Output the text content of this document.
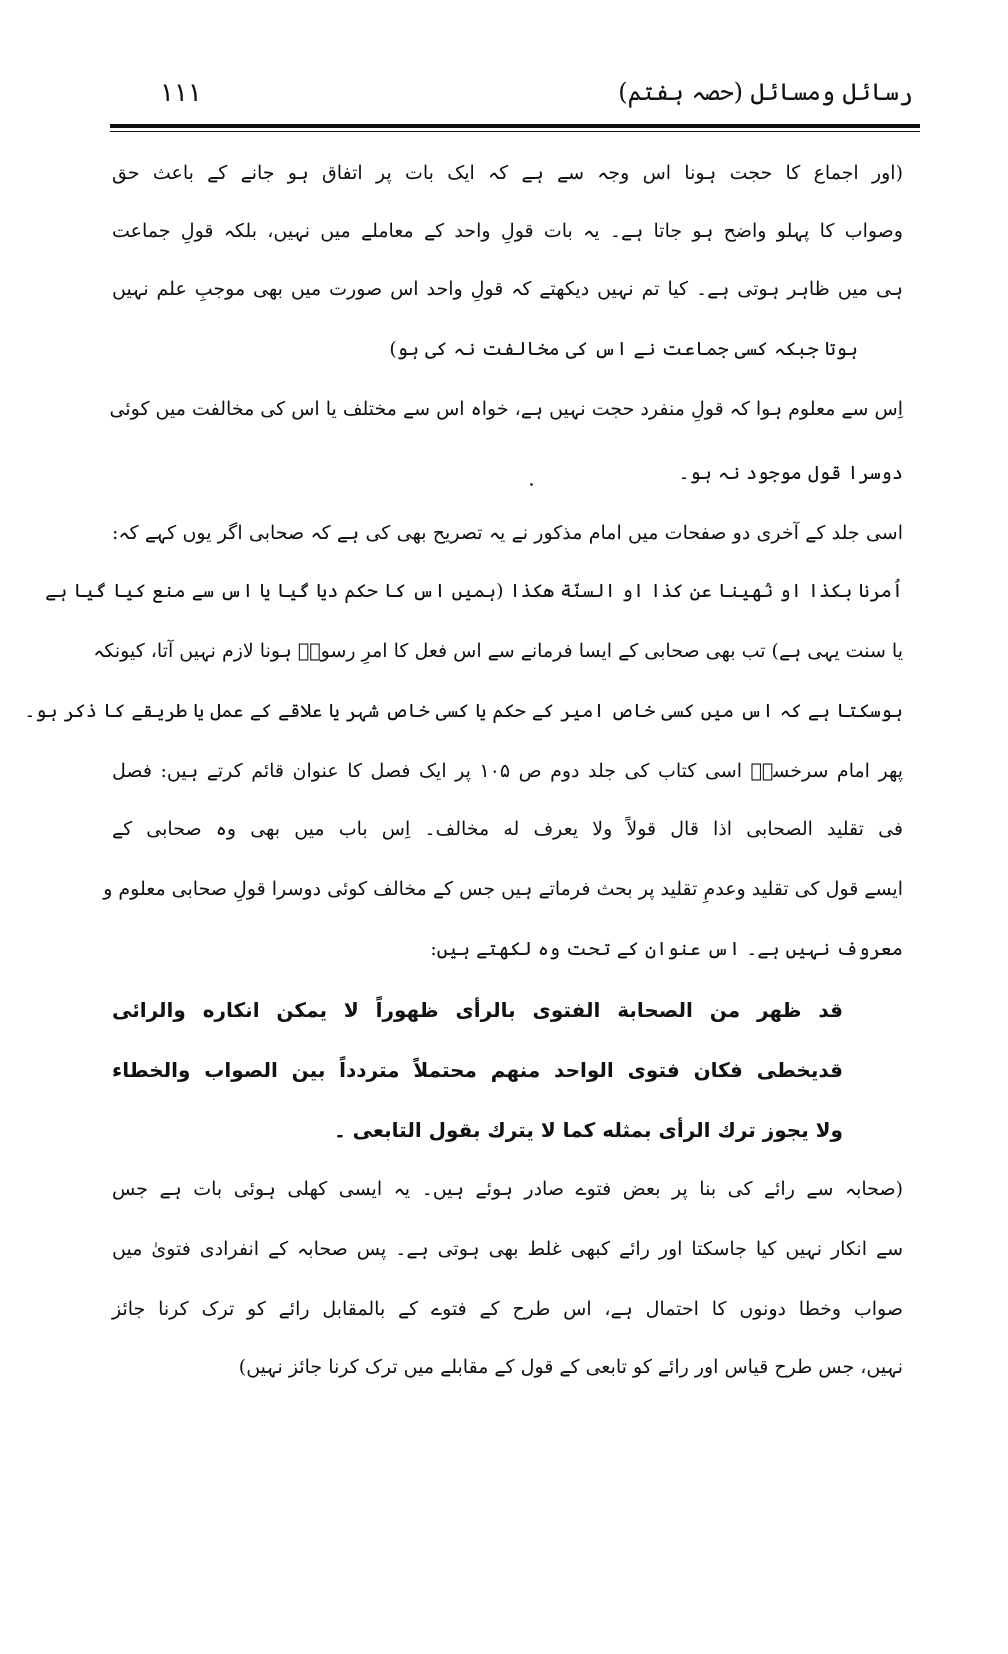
رسائل ومسائل (حصہ ہفتم)
۱۱۱
(اور اجماع کا حجت ہونا اس وجہ سے ہے کہ ایک بات پر اتفاق ہو جانے کے باعث حق
وصواب کا پہلو واضح ہو جاتا ہے۔ یہ بات قولِ واحد کے معاملے میں نہیں، بلکہ قولِ جماعت
ہی میں ظاہر ہوتی ہے۔ کیا تم نہیں دیکھتے کہ قولِ واحد اس صورت میں بھی موجبِ علم نہیں
ہوتا جبکہ کسی جماعت نے اس کی مخالفت نہ کی ہو)
اِس سے معلوم ہوا کہ قولِ منفرد حجت نہیں ہے، خواہ اس سے مختلف یا اس کی مخالفت میں کوئی
دوسرا قول موجود نہ ہو۔
اسی جلد کے آخری دو صفحات میں امام مذکور نے یہ تصریح بھی کی ہے کہ صحابی اگر یوں کہے کہ:
اُمرنا بکذا او نُھینا عن کذا او السنّة ھکذا (ہمیں اس کا حکم دیا گیا یا اس سے منع کیا گیا ہے
یا سنت یہی ہے) تب بھی صحابی کے ایسا فرمانے سے اس فعل کا امرِ رسولؐ ہونا لازم نہیں آتا، کیونکہ
ہوسکتا ہے کہ اس میں کسی خاص امیر کے حکم یا کسی خاص شہر یا علاقے کے عمل یا طریقے کا ذکر ہو۔
پھر امام سرخسیؒ اسی کتاب کی جلد دوم ص ۱۰۵ پر ایک فصل کا عنوان قائم کرتے ہیں: فصل
فی تقلید الصحابی اذا قال قولاً ولا یعرف له مخالف۔ اِس باب میں بھی وہ صحابی کے
ایسے قول کی تقلید وعدمِ تقلید پر بحث فرماتے ہیں جس کے مخالف کوئی دوسرا قولِ صحابی معلوم و
معروف نہیں ہے۔ اس عنوان کے تحت وہ لکھتے ہیں:
قد ظهر من الصحابة الفتوى بالرأى ظهوراً لا يمكن انكاره والرائى
قديخطى فكان فتوى الواحد منهم محتملاً متردداً بين الصواب والخطاء
ولا يجوز ترك الرأى بمثله كما لا يترك بقول التابعى ۔
(صحابہ سے رائے کی بنا پر بعض فتوے صادر ہوئے ہیں۔ یہ ایسی کھلی ہوئی بات ہے جس
سے انکار نہیں کیا جاسکتا اور رائے کبھی غلط بھی ہوتی ہے۔ پس صحابہ کے انفرادی فتویٰ میں
صواب وخطا دونوں کا احتمال ہے، اس طرح کے فتوے کے بالمقابل رائے کو ترک کرنا جائز
نہیں، جس طرح قیاس اور رائے کو تابعی کے قول کے مقابلے میں ترک کرنا جائز نہیں)
